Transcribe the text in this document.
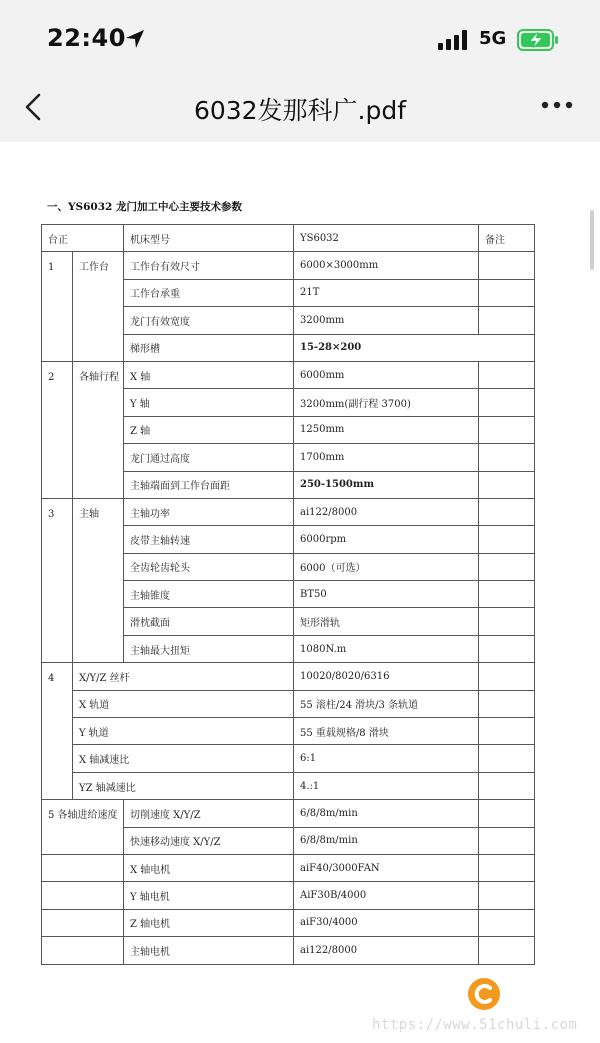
22:40	5G
6032发那科广.pdf
一、YS6032 龙门加工中心主要技术参数
台正		机床型号	YS6032	备注
1	工作台	工作台有效尺寸	6000×3000mm	
		工作台承重	21T	
		龙门有效宽度	3200mm	
		梯形槽	15-28×200	
2	各轴行程	X 轴	6000mm	
		Y 轴	3200mm(副行程 3700)	
		Z 轴	1250mm	
		龙门通过高度	1700mm	
		主轴端面到工作台面距	250-1500mm	
3	主轴	主轴功率	ai122/8000	
		皮带主轴转速	6000rpm	
		全齿轮齿轮头	6000（可选）	
		主轴锥度	BT50	
		滑枕截面	矩形滑轨	
		主轴最大扭矩	1080N.m	
4	X/Y/Z 丝杆		10020/8020/6316	
	X 轨道		55 滚柱/24 滑块/3 条轨道	
	Y 轨道		55 重载规格/8 滑块	
	X 轴减速比		6:1	
	YZ 轴减速比		4.:1	
5 各轴进给速度		切削速度 X/Y/Z	6/8/8m/min	
		快速移动速度 X/Y/Z	6/8/8m/min	
		X 轴电机	aiF40/3000FAN	
		Y 轴电机	AiF30B/4000	
		Z 轴电机	aiF30/4000	
		主轴电机	ai122/8000	
https://www.51chuli.com
